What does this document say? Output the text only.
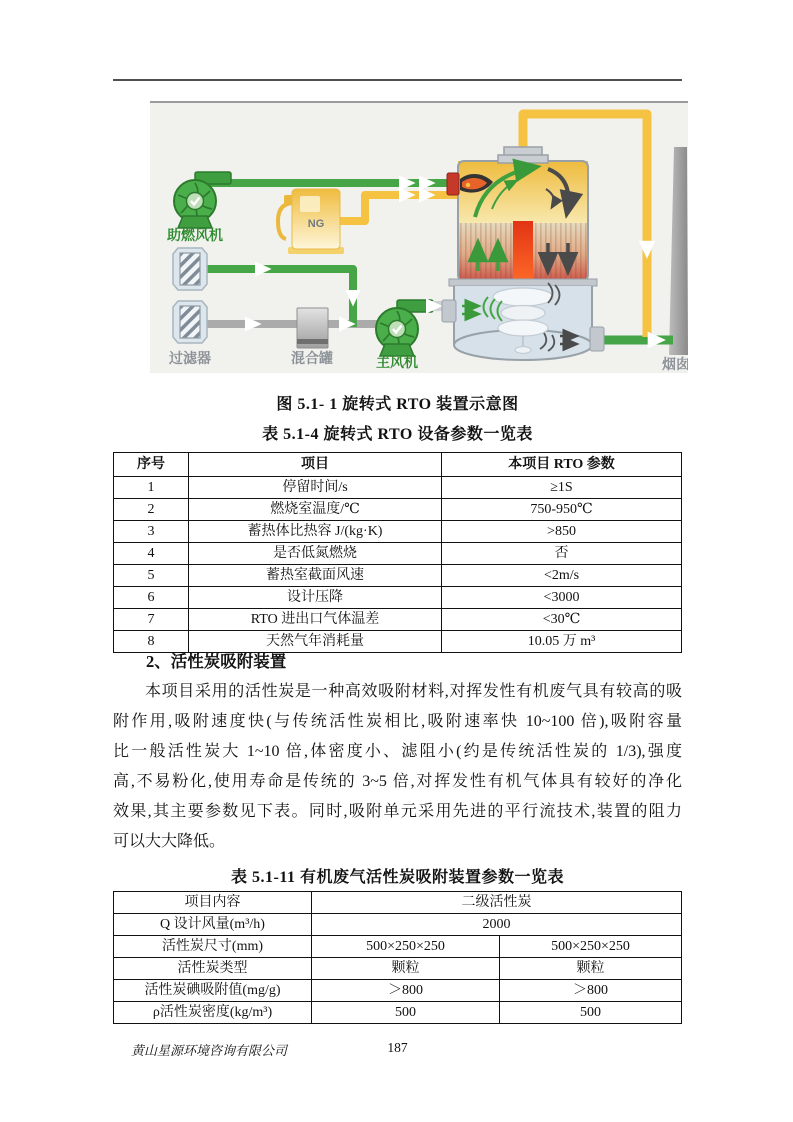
NG
助燃风机
过滤器	混合罐	主风机	烟囱
图 5.1- 1 旋转式 RTO 装置示意图
表 5.1-4 旋转式 RTO 设备参数一览表
序号	项目	本项目 RTO 参数
1	停留时间/s	≥1S
2	燃烧室温度/℃	750-950℃
3	蓄热体比热容 J/(kg·K)	>850
4	是否低氮燃烧	否
5	蓄热室截面风速	<2m/s
6	设计压降	<3000
7	RTO 进出口气体温差	<30℃
8	天然气年消耗量	10.05 万 m³
2、活性炭吸附装置
本项目采用的活性炭是一种高效吸附材料,对挥发性有机废气具有较高的吸
附作用,吸附速度快(与传统活性炭相比,吸附速率快 10~100 倍),吸附容量
比一般活性炭大 1~10 倍,体密度小、滤阻小(约是传统活性炭的 1/3),强度
高,不易粉化,使用寿命是传统的 3~5 倍,对挥发性有机气体具有较好的净化
效果,其主要参数见下表。同时,吸附单元采用先进的平行流技术,装置的阻力
可以大大降低。
表 5.1-11 有机废气活性炭吸附装置参数一览表
项目内容	二级活性炭	
Q 设计风量(m³/h)	2000	
活性炭尺寸(mm)	500×250×250	500×250×250
活性炭类型	颗粒	颗粒
活性炭碘吸附值(mg/g)	＞800	＞800
ρ活性炭密度(kg/m³)	500	500
黄山星源环境咨询有限公司	187
